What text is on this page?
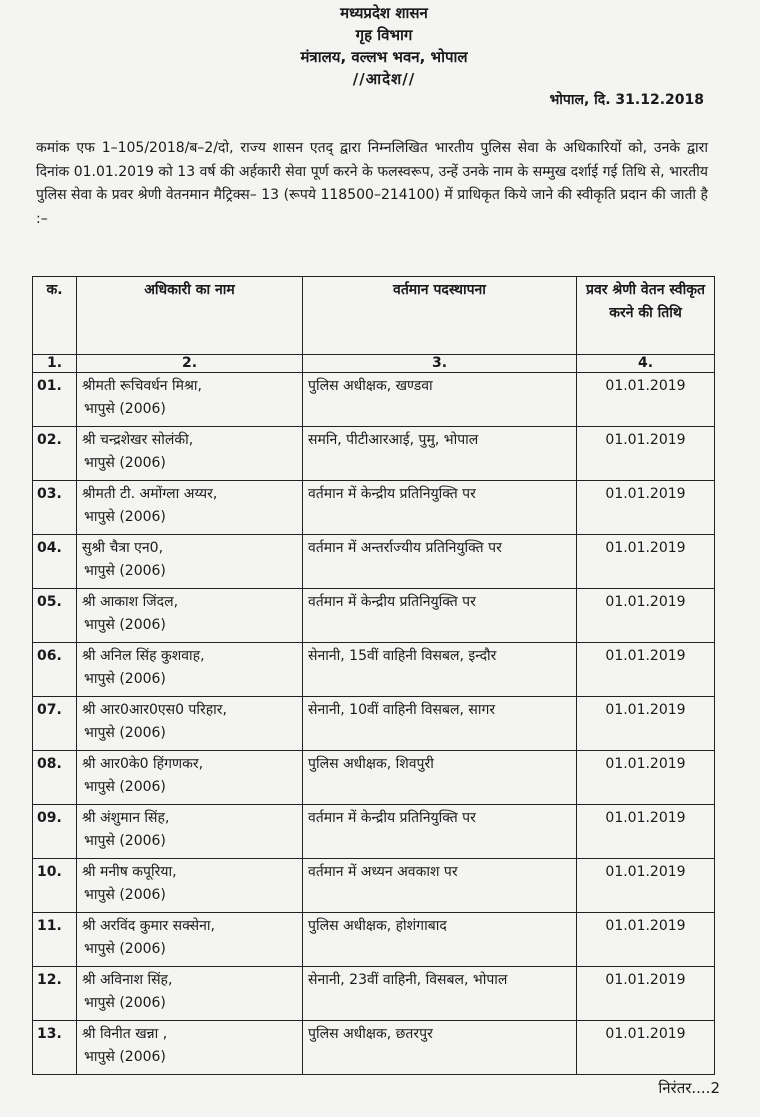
मध्यप्रदेश शासन
गृह विभाग
मंत्रालय, वल्लभ भवन, भोपाल
//आदेश//
भोपाल, दि. 31.12.2018
कमांक एफ 1–105/2018/ब–2/दो, राज्य शासन एतद् द्वारा निम्नलिखित भारतीय पुलिस सेवा के अधिकारियों को, उनके द्वारा दिनांक 01.01.2019 को 13 वर्ष की अर्हकारी सेवा पूर्ण करने के फलस्वरूप, उन्हें उनके नाम के सम्मुख दर्शाई गई तिथि से, भारतीय पुलिस सेवा के प्रवर श्रेणी वेतनमान मैट्रिक्स– 13 (रूपये 118500–214100) में प्राधिकृत किये जाने की स्वीकृति प्रदान की जाती है :–
क.	अधिकारी का नाम	वर्तमान पदस्थापना	प्रवर श्रेणी वेतन स्वीकृत करने की तिथि
1.	2.	3.	4.
01.	श्रीमती रूचिवर्धन मिश्रा,
भापुसे (2006)	पुलिस अधीक्षक, खण्डवा	01.01.2019
02.	श्री चन्द्रशेखर सोलंकी,
भापुसे (2006)	समनि, पीटीआरआई, पुमु, भोपाल	01.01.2019
03.	श्रीमती टी. अमोंग्ला अय्यर,
भापुसे (2006)	वर्तमान में केन्द्रीय प्रतिनियुक्ति पर	01.01.2019
04.	सुश्री चैत्रा एन0,
भापुसे (2006)	वर्तमान में अन्तर्राज्यीय प्रतिनियुक्ति पर	01.01.2019
05.	श्री आकाश जिंदल,
भापुसे (2006)	वर्तमान में केन्द्रीय प्रतिनियुक्ति पर	01.01.2019
06.	श्री अनिल सिंह कुशवाह,
भापुसे (2006)	सेनानी, 15वीं वाहिनी विसबल, इन्दौर	01.01.2019
07.	श्री आर0आर0एस0 परिहार,
भापुसे (2006)	सेनानी, 10वीं वाहिनी विसबल, सागर	01.01.2019
08.	श्री आर0के0 हिंगणकर,
भापुसे (2006)	पुलिस अधीक्षक, शिवपुरी	01.01.2019
09.	श्री अंशुमान सिंह,
भापुसे (2006)	वर्तमान में केन्द्रीय प्रतिनियुक्ति पर	01.01.2019
10.	श्री मनीष कपूरिया,
भापुसे (2006)	वर्तमान में अध्यन अवकाश पर	01.01.2019
11.	श्री अरविंद कुमार सक्सेना,
भापुसे (2006)	पुलिस अधीक्षक, होशंगाबाद	01.01.2019
12.	श्री अविनाश सिंह,
भापुसे (2006)	सेनानी, 23वीं वाहिनी, विसबल, भोपाल	01.01.2019
13.	श्री विनीत खन्ना ,
भापुसे (2006)	पुलिस अधीक्षक, छतरपुर	01.01.2019
निरंतर....2
